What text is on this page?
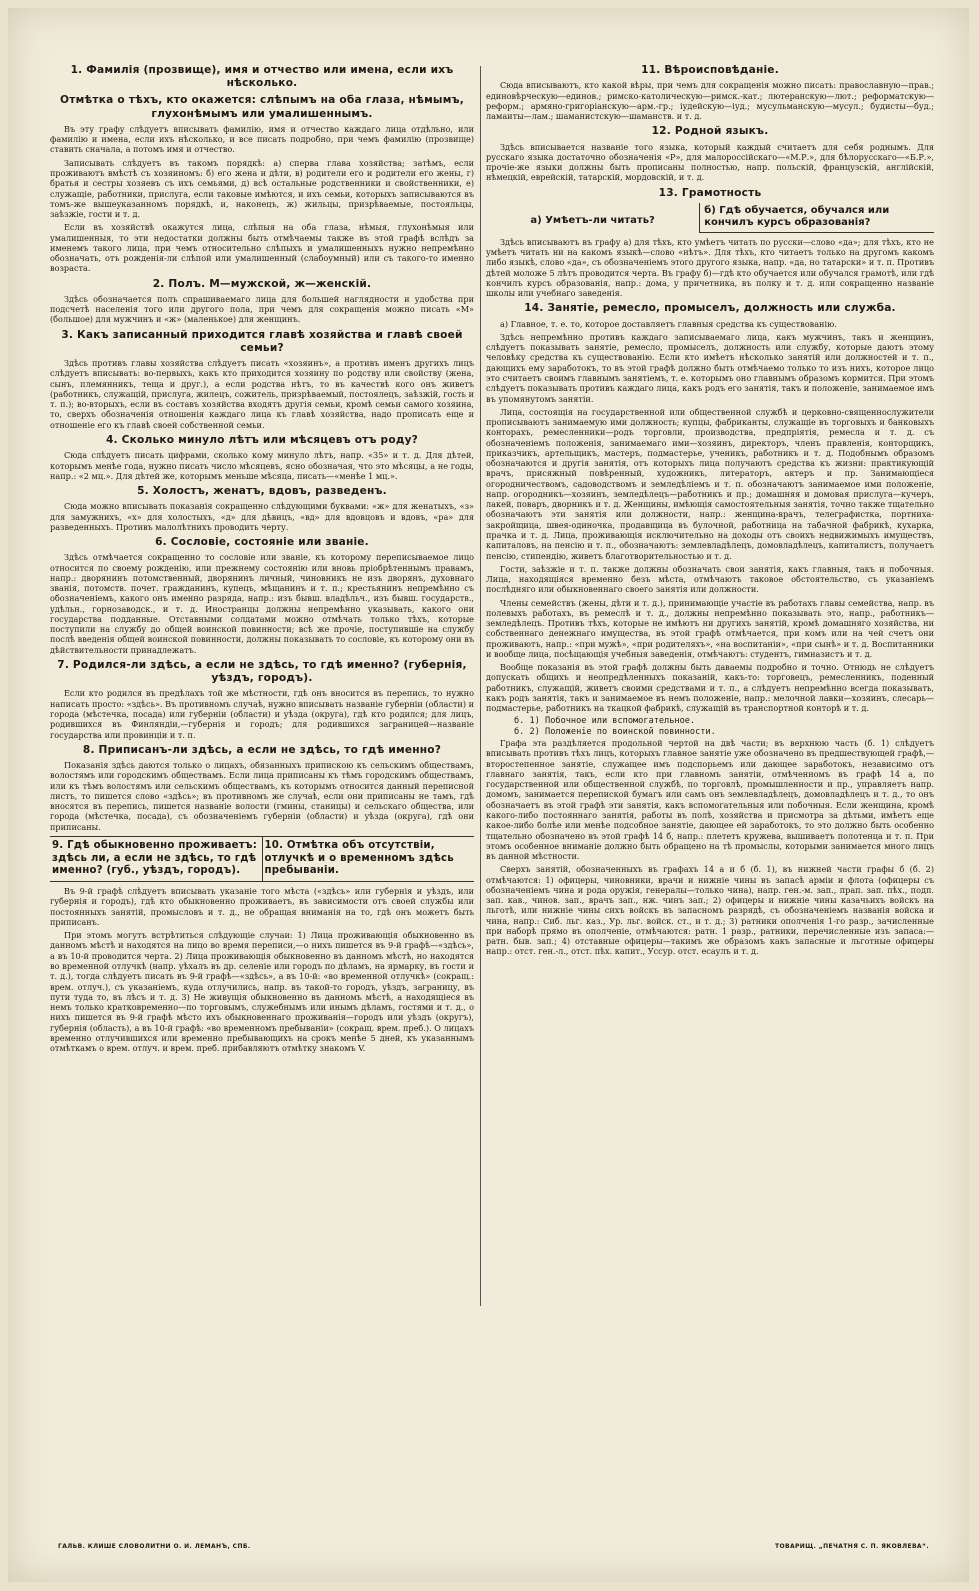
1. Фамилія (прозвище), имя и отчество или имена, если ихъ нѣсколько.
Отмѣтка о тѣхъ, кто окажется: слѣпымъ на оба глаза, нѣмымъ, глухонѣмымъ или умалишеннымъ.

Въ эту графу слѣдуетъ вписывать фамилію, имя и отчество каждаго лица отдѣльно, или фамилію и имена, если ихъ нѣсколько, и все писать подробно, при чемъ фамилію (прозвище) ставить сначала, а потомъ имя и отчество.

Записывать слѣдуетъ въ такомъ порядкѣ: а) сперва глава хозяйства; затѣмъ, если проживаютъ вмѣстѣ съ хозяиномъ: б) его жена и дѣти, в) родители его и родители его жены, г) братья и сестры хозяевъ съ ихъ семьями, д) всѣ остальные родственники и свойственники, е) служащіе, работники, прислуга, если таковые имѣются, и ихъ семьи, которыхъ записываются въ томъ-же вышеуказанномъ порядкѣ, и, наконецъ, ж) жильцы, призрѣваемые, постояльцы, заѣзжіе, гости и т. д.

Если въ хозяйствѣ окажутся лица, слѣпыя на оба глаза, нѣмыя, глухонѣмыя или умалишенныя, то эти недостатки должны быть отмѣчаемы также въ этой графѣ вслѣдъ за именемъ такого лица, при чемъ относительно слѣпыхъ и умалишенныхъ нужно непремѣнно обозначать, отъ рожденія-ли слѣпой или умалишенный (слабоумный) или съ такого-то именно возраста.

2. Полъ. М—мужской, ж—женскій.

Здѣсь обозначается полъ спрашиваемаго лица для большей наглядности и удобства при подсчетѣ населенія того или другого пола, при чемъ для сокращенія можно писать «М» (большое) для мужчинъ и «ж» (маленькое) для женщинъ.

3. Какъ записанный приходится главѣ хозяйства и главѣ своей семьи?

Здѣсь противъ главы хозяйства слѣдуетъ писать «хозяинъ», а противъ именъ другихъ лицъ слѣдуетъ вписывать: во-первыхъ, какъ кто приходится хозяину по родству или свойству (жена, сынъ, племянникъ, теща и друг.), а если родства нѣтъ, то въ качествѣ кого онъ живетъ (работникъ, служащій, прислуга, жилецъ, сожитель, призрѣваемый, постоялецъ, заѣзжій, гость и т. п.); во-вторыхъ, если въ составъ хозяйства входятъ другія семьи, кромѣ семьи самого хозяина, то, сверхъ обозначенія отношенія каждаго лица къ главѣ хозяйства, надо прописать еще и отношеніе его къ главѣ своей собственной семьи.

4. Сколько минуло лѣтъ или мѣсяцевъ отъ роду?

Сюда слѣдуетъ писать цифрами, сколько кому минуло лѣтъ, напр. «35» и т. д. Для дѣтей, которымъ менѣе года, нужно писать число мѣсяцевъ, ясно обозначая, что это мѣсяцы, а не годы, напр.: «2 мц.». Для дѣтей же, которымъ меньше мѣсяца, писать—«менѣе 1 мц.».

5. Холостъ, женатъ, вдовъ, разведенъ.

Сюда можно вписывать показанія сокращенно слѣдующими буквами: «ж» для женатыхъ, «з» для замужнихъ, «х» для холостыхъ, «д» для дѣвицъ, «вд» для вдовцовъ и вдовъ, «ра» для разведенныхъ. Противъ малолѣтнихъ проводить черту.

6. Сословіе, состояніе или званіе.

Здѣсь отмѣчается сокращенно то сословіе или званіе, къ которому переписываемое лицо относится по своему рожденію, или прежнему состоянію или вновь пріобрѣтеннымъ правамъ, напр.: дворянинъ потомственный, дворянинъ личный, чиновникъ не изъ дворянъ, духовнаго званія, потомств. почет. гражданинъ, купецъ, мѣщанинъ и т. п.; крестьянинъ непремѣнно съ обозначеніемъ, какого онъ именно разряда, напр.: изъ бывш. владѣльч., изъ бывш. государств., удѣльн., горнозаводск., и т. д. Иностранцы должны непремѣнно указывать, какого они государства подданные. Отставными солдатами можно отмѣчать только тѣхъ, которые поступили на службу до общей воинской повинности; всѣ же прочіе, поступившіе на службу послѣ введенія общей воинской повинности, должны показывать то сословіе, къ которому они въ дѣйствительности принадлежатъ.

7. Родился-ли здѣсь, а если не здѣсь, то гдѣ именно? (губернія, уѣздъ, городъ).

Если кто родился въ предѣлахъ той же мѣстности, гдѣ онъ вносится въ перепись, то нужно написать просто: «здѣсь». Въ противномъ случаѣ, нужно вписывать названіе губерніи (области) и города (мѣстечка, посада) или губерніи (области) и уѣзда (округа), гдѣ кто родился; для лицъ, родившихся въ Финляндіи,—губернія и городъ; для родившихся заграницей—названіе государства или провинціи и т. п.

8. Приписанъ-ли здѣсь, а если не здѣсь, то гдѣ именно?

Показанія здѣсь даются только о лицахъ, обязанныхъ припискою къ сельскимъ обществамъ, волостямъ или городскимъ обществамъ. Если лица приписаны къ тѣмъ городскимъ обществамъ, или къ тѣмъ волостямъ или сельскимъ обществамъ, къ которымъ относится данный переписной листъ, то пишется слово «здѣсь»; въ противномъ же случаѣ, если они приписаны не тамъ, гдѣ вносятся въ перепись, пишется названіе волости (гмины, станицы) и сельскаго общества, или города (мѣстечка, посада), съ обозначеніемъ губерніи (области) и уѣзда (округа), гдѣ они приписаны.

9. Гдѣ обыкновенно проживаетъ: здѣсь ли, а если не здѣсь, то гдѣ именно? (губ., уѣздъ, городъ).
10. Отмѣтка объ отсутствіи, отлучкѣ и о временномъ здѣсь пребываніи.

Въ 9-й графѣ слѣдуетъ вписывать указаніе того мѣста («здѣсь» или губернія и уѣздъ, или губернія и городъ), гдѣ кто обыкновенно проживаетъ, въ зависимости отъ своей службы или постоянныхъ занятій, промысловъ и т. д., не обращая вниманія на то, гдѣ онъ можетъ быть приписанъ.

При этомъ могутъ встрѣтиться слѣдующіе случаи: 1) Лица проживающія обыкновенно въ данномъ мѣстѣ и находятся на лицо во время переписи,—о нихъ пишется въ 9-й графѣ—«здѣсь», а въ 10-й проводится черта. 2) Лица проживающія обыкновенно въ данномъ мѣстѣ, но находятся во временной отлучкѣ (напр. уѣхалъ въ др. селеніе или городъ по дѣламъ, на ярмарку, въ гости и т. д.), тогда слѣдуетъ писать въ 9-й графѣ—«здѣсь», а въ 10-й: «во временной отлучкѣ» (сокращ.: врем. отлуч.), съ указаніемъ, куда отлучились, напр. въ такой-то городъ, уѣздъ, заграницу, въ пути туда то, въ лѣсъ и т. д. 3) Не живущія обыкновенно въ данномъ мѣстѣ, а находящіеся въ немъ только кратковременно—по торговымъ, служебнымъ или инымъ дѣламъ, гостями и т. д., о нихъ пишется въ 9-й графѣ мѣсто ихъ обыкновеннаго проживанія—городъ или уѣздъ (округъ), губернія (область), а въ 10-й графѣ: «во временномъ пребываніи» (сокращ. врем. преб.). О лицахъ временно отлучившихся или временно пребывающихъ на срокъ менѣе 5 дней, къ указаннымъ отмѣткамъ о врем. отлуч. и врем. преб. прибавляютъ отмѣтку знакомъ V.

11. Вѣроисповѣданіе.

Сюда вписываютъ, кто какой вѣры, при чемъ для сокращенія можно писать: православную—прав.; единовѣрческую—единов.; римско-католическую—римск.-кат.; лютеранскую—лют.; реформатскую—реформ.; армяно-григоріанскую—арм.-гр.; іудейскую—іуд.; мусульманскую—мусул.; будисты—буд.; ламаиты—лам.; шаманистскую—шаманств. и т. д.

12. Родной языкъ.

Здѣсь вписывается названіе того языка, который каждый считаетъ для себя роднымъ. Для русскаго языка достаточно обозначенія «Р», для малороссійскаго—«М.Р.», для бѣлорусскаго—«Б.Р.», прочіе-же языки должны быть прописаны полностью, напр. польскій, французскій, англійскій, нѣмецкій, еврейскій, татарскій, мордовскій, и т. д.

13. Грамотность
а) Умѣетъ-ли читать?
б) Гдѣ обучается, обучался или кончилъ курсъ образованія?

Здѣсь вписываютъ въ графу а) для тѣхъ, кто умѣетъ читать по русски—слово «да»; для тѣхъ, кто не умѣетъ читать ни на какомъ языкѣ—слово «нѣтъ». Для тѣхъ, кто читаетъ только на другомъ какомъ либо языкѣ, слово «да», съ обозначеніемъ этого другого языка, напр. «да, но татарски» и т. п. Противъ дѣтей моложе 5 лѣтъ проводится черта. Въ графу б)—гдѣ кто обучается или обучался грамотѣ, или гдѣ кончилъ курсъ образованія, напр.: дома, у причетника, въ полку и т. д. или сокращенно названіе школы или учебнаго заведенія.

14. Занятіе, ремесло, промыселъ, должность или служба.

а) Главное, т. е. то, которое доставляетъ главныя средства къ существованію.

Здѣсь непремѣнно противъ каждаго записываемаго лица, какъ мужчинъ, такъ и женщинъ, слѣдуетъ показывать занятіе, ремесло, промыселъ, должность или службу, которые даютъ этому человѣку средства къ существованію. Если кто имѣетъ нѣсколько занятій или должностей и т. п., дающихъ ему заработокъ, то въ этой графѣ должно быть отмѣчаемо только то изъ нихъ, которое лицо это считаетъ своимъ главнымъ занятіемъ, т. е. которымъ оно главнымъ образомъ кормится. При этомъ слѣдуетъ показывать противъ каждаго лица, какъ родъ его занятія, такъ и положеніе, занимаемое имъ въ упомянутомъ занятіи.

Лица, состоящія на государственной или общественной службѣ и церковно-священнослужители прописываютъ занимаемую ими должность; купцы, фабриканты, служащіе въ торговыхъ и банковыхъ конторахъ, ремесленники—родъ торговли, производства, предпріятія, ремесла и т. д. съ обозначеніемъ положенія, занимаемаго ими—хозяинъ, директоръ, членъ правленія, конторщикъ, приказчикъ, артельщикъ, мастеръ, подмастерье, ученикъ, работникъ и т. д. Подобнымъ образомъ обозначаются и другія занятія, отъ которыхъ лица получаютъ средства къ жизни: практикующій врачъ, присяжный повѣренный, художникъ, литераторъ, актеръ и пр. Занимающіеся огородничествомъ, садоводствомъ и земледѣліемъ и т. п. обозначаютъ занимаемое ими положеніе, напр. огородникъ—хозяинъ, земледѣлецъ—работникъ и пр.; домашняя и домовая прислуга—кучеръ, лакей, поваръ, дворникъ и т. д. Женщины, имѣющія самостоятельныя занятія, точно также тщательно обозначаютъ эти занятія или должности, напр.: женщина-врачъ, телеграфистка, портниха-закройщица, швея-одиночка, продавщица въ булочной, работница на табачной фабрикѣ, кухарка, прачка и т. д. Лица, проживающія исключительно на доходы отъ своихъ недвижимыхъ имуществъ, капиталовъ, на пенсію и т. п., обозначаютъ: землевладѣлецъ, домовладѣлецъ, капиталистъ, получаетъ пенсію, стипендію, живетъ благотворительностью и т. д.

Гости, заѣзжіе и т. п. также должны обозначать свои занятія, какъ главныя, такъ и побочныя. Лица, находящіяся временно безъ мѣста, отмѣчаютъ таковое обстоятельство, съ указаніемъ послѣдняго или обыкновеннаго своего занятія или должности.

Члены семействъ (жены, дѣти и т. д.), принимающіе участіе въ работахъ главы семейства, напр. въ полевыхъ работахъ, въ ремеслѣ и т. д., должны непремѣнно показывать это, напр., работникъ—земледѣлецъ. Противъ тѣхъ, которые не имѣютъ ни другихъ занятій, кромѣ домашняго хозяйства, ни собственнаго денежнаго имущества, въ этой графѣ отмѣчается, при комъ или на чей счетъ они проживаютъ, напр.: «при мужѣ», «при родителяхъ», «на воспитаніи», «при сынѣ» и т. д. Воспитанники и вообще лица, посѣщающія учебныя заведенія, отмѣчаютъ: студентъ, гимназистъ и т. д.

Вообще показанія въ этой графѣ должны быть даваемы подробно и точно. Отнюдь не слѣдуетъ допускать общихъ и неопредѣленныхъ показаній, какъ-то: торговецъ, ремесленникъ, поденный работникъ, служащій, живетъ своими средствами и т. п., а слѣдуетъ непремѣнно всегда показывать, какъ родъ занятія, такъ и занимаемое въ немъ положеніе, напр.: мелочной лавки—хозяинъ, слесарь—подмастерье, работникъ на ткацкой фабрикѣ, служащій въ транспортной конторѣ и т. д.

б. 1) Побочное или вспомогательное.

б. 2) Положеніе по воинской повинности.

Графа эта раздѣляется продольной чертой на двѣ части; въ верхнюю часть (б. 1) слѣдуетъ вписывать противъ тѣхъ лицъ, которыхъ главное занятіе уже обозначено въ предшествующей графѣ,—второстепенное занятіе, служащее имъ подспорьемъ или дающее заработокъ, независимо отъ главнаго занятія, такъ, если кто при главномъ занятіи, отмѣченномъ въ графѣ 14 а, по государственной или общественной службѣ, по торговлѣ, промышленности и пр., управляетъ напр. домомъ, занимается перепиской бумагъ или самъ онъ землевладѣлецъ, домовладѣлецъ и т. д., то онъ обозначаетъ въ этой графѣ эти занятія, какъ вспомогательныя или побочныя. Если женщина, кромѣ какого-либо постояннаго занятія, работы въ полѣ, хозяйства и присмотра за дѣтьми, имѣетъ еще какое-либо болѣе или менѣе подсобное занятіе, дающее ей заработокъ, то это должно быть особенно тщательно обозначено въ этой графѣ 14 б, напр.: плететъ кружева, вышиваетъ полотенца и т. п. При этомъ особенное вниманіе должно быть обращено на тѣ промыслы, которыми занимается много лицъ въ данной мѣстности.

Сверхъ занятій, обозначенныхъ въ графахъ 14 а и б (б. 1), въ нижней части графы б (б. 2) отмѣчаются: 1) офицеры, чиновники, врачи и нижніе чины въ запасѣ арміи и флота (офицеры съ обозначеніемъ чина и рода оружія, генералы—только чина), напр. ген.-м. зап., прап. зап. пѣх., подп. зап. кав., чинов. зап., врачъ зап., нж. чинъ зап.; 2) офицеры и нижніе чины казачьихъ войскъ на льготѣ, или нижніе чины сихъ войскъ въ запасномъ разрядѣ, съ обозначеніемъ названія войска и чина, напр.: Сиб. льг. каз., Ур. льг. войск. ст., и т. д.; 3) ратники ополченія 1-го разр., зачисленные при наборѣ прямо въ ополченіе, отмѣчаются: ратн. 1 разр., ратники, перечисленные изъ запаса:—ратн. быв. зап.; 4) отставные офицеры—такимъ же образомъ какъ запасные и льготные офицеры напр.: отст. ген.-л., отст. пѣх. капит., Уссур. отст. есаулъ и т. д.

ГАЛЬВ. КЛИШЕ СЛОВОЛИТНИ О. И. ЛЕМАНЪ, СПБ.	ТОВАРИЩ. „ПЕЧАТНЯ С. П. ЯКОВЛЕВА“.
